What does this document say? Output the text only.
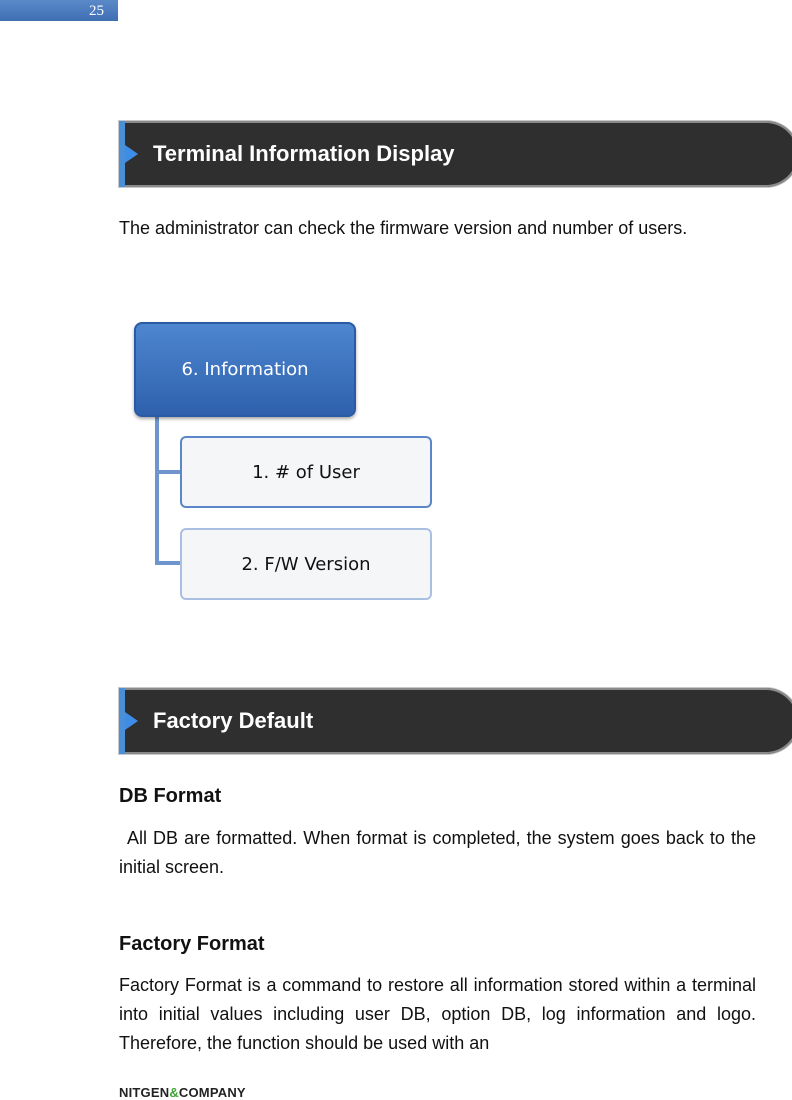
25
Terminal Information Display

The administrator can check the firmware version and number of users.

6. Information
1. # of User
2. F/W Version
Factory Default
DB Format

All DB are formatted. When format is completed, the system goes back to the initial screen.

Factory Format

Factory Format is a command to restore all information stored within a terminal into initial values including user DB, option DB, log information and logo. Therefore, the function should be used with an

NITGEN&COMPANY
